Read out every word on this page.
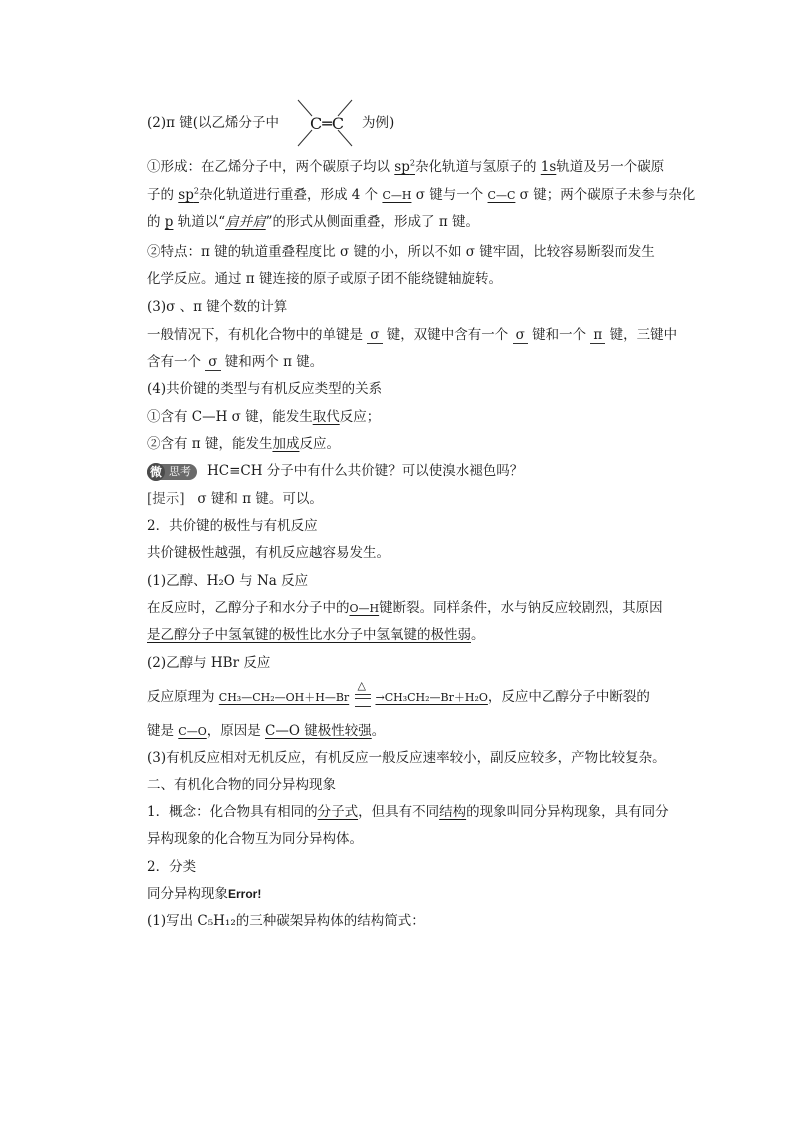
(2)π 键(以乙烯分子中 C═C 为例)
①形成：在乙烯分子中，两个碳原子均以 $sp^2$杂化轨道与氢原子的 1s轨道及另一个碳原
子的 $sp^2$杂化轨道进行重叠，形成 4 个 C—H σ 键与一个 C—C σ 键；两个碳原子未参与杂化
的 p 轨道以“肩并肩”的形式从侧面重叠，形成了 π 键。
②特点：π 键的轨道重叠程度比 σ 键的小，所以不如 σ 键牢固，比较容易断裂而发生
化学反应。通过 π 键连接的原子或原子团不能绕键轴旋转。
(3)σ 、π 键个数的计算
一般情况下，有机化合物中的单键是 σ 键，双键中含有一个 σ 键和一个 π 键，三键中
含有一个 σ 键和两个 π 键。
(4)共价键的类型与有机反应类型的关系
①含有 C—H σ 键，能发生取代反应；
②含有 π 键，能发生加成反应。
微 思考 HC≡CH 分子中有什么共价键？可以使溴水褪色吗？
[提示] σ 键和 π 键。可以。
2．共价键的极性与有机反应
共价键极性越强，有机反应越容易发生。
(1)乙醇、H₂O 与 Na 反应
在反应时，乙醇分子和水分子中的O—H键断裂。同样条件，水与钠反应较剧烈，其原因
是乙醇分子中氢氧键的极性比水分子中氢氧键的极性弱。
(2)乙醇与 HBr 反应
反应原理为 CH₃—CH₂—OH＋H—Br
△
→CH₃CH₂—Br＋H₂O，反应中乙醇分子中断裂的
键是 C—O，原因是 C—O 键极性较强。
(3)有机反应相对无机反应，有机反应一般反应速率较小，副反应较多，产物比较复杂。
二、有机化合物的同分异构现象
1．概念：化合物具有相同的分子式，但具有不同结构的现象叫同分异构现象，具有同分
异构现象的化合物互为同分异构体。
2．分类
同分异构现象Error!
(1)写出 C₅H₁₂的三种碳架异构体的结构简式：
